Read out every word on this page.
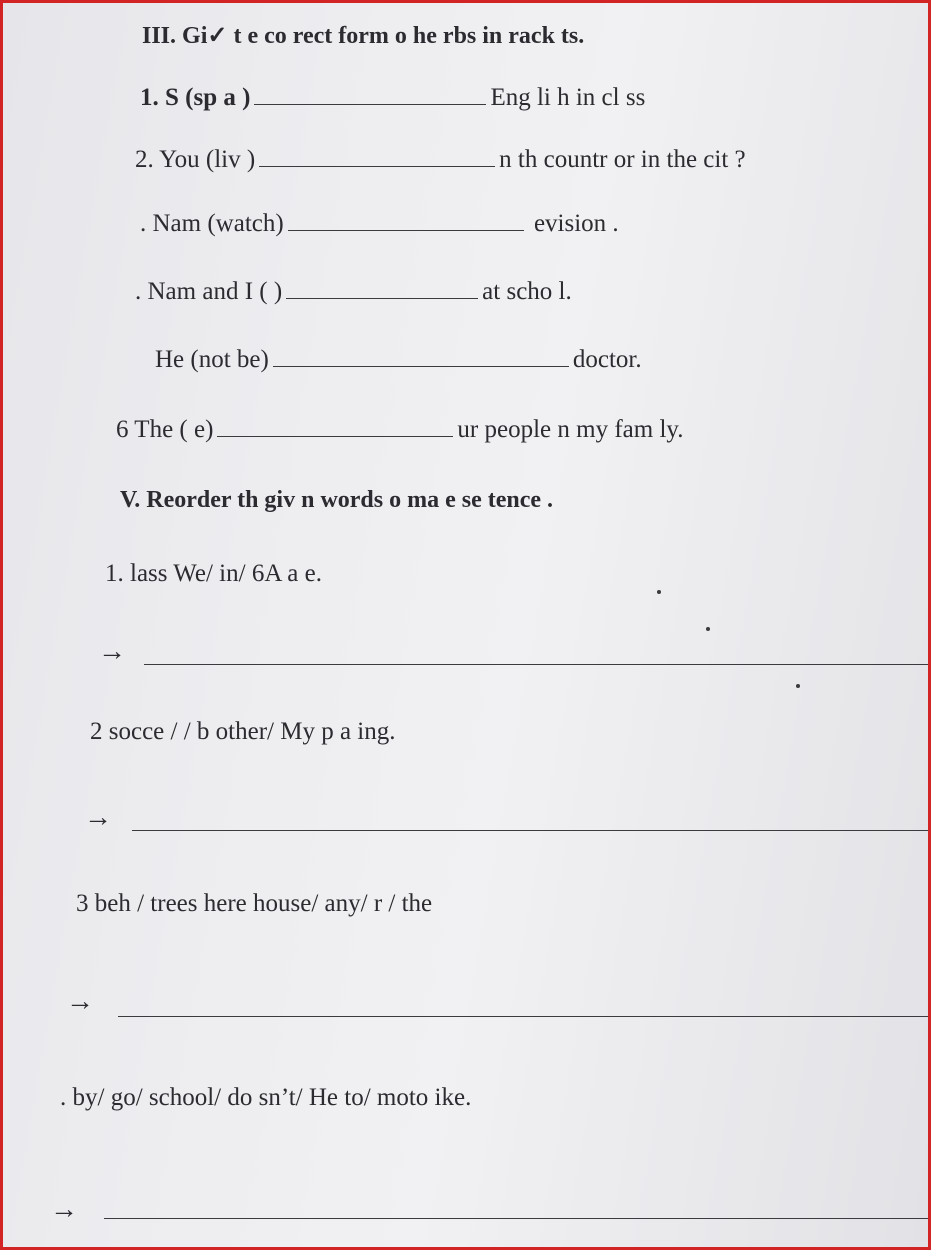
III. Gi✓ t e co rect form o he rbs in rack ts.
1. S (sp a )	Eng li h in cl ss
2. You (liv )	n th countr or in the cit ?
. Nam (watch)	evision .
. Nam and I ( )	at scho l.
He (not be)	doctor.
6 The ( e)	ur people n my fam ly.
V. Reorder th giv n words o ma e se tence .
1. lass We/ in/ 6A a e.
→
2 socce / / b other/ My p a ing.
→
3 beh / trees here house/ any/ r / the
→
. by/ go/ school/ do sn’t/ He to/ moto ike.
→
